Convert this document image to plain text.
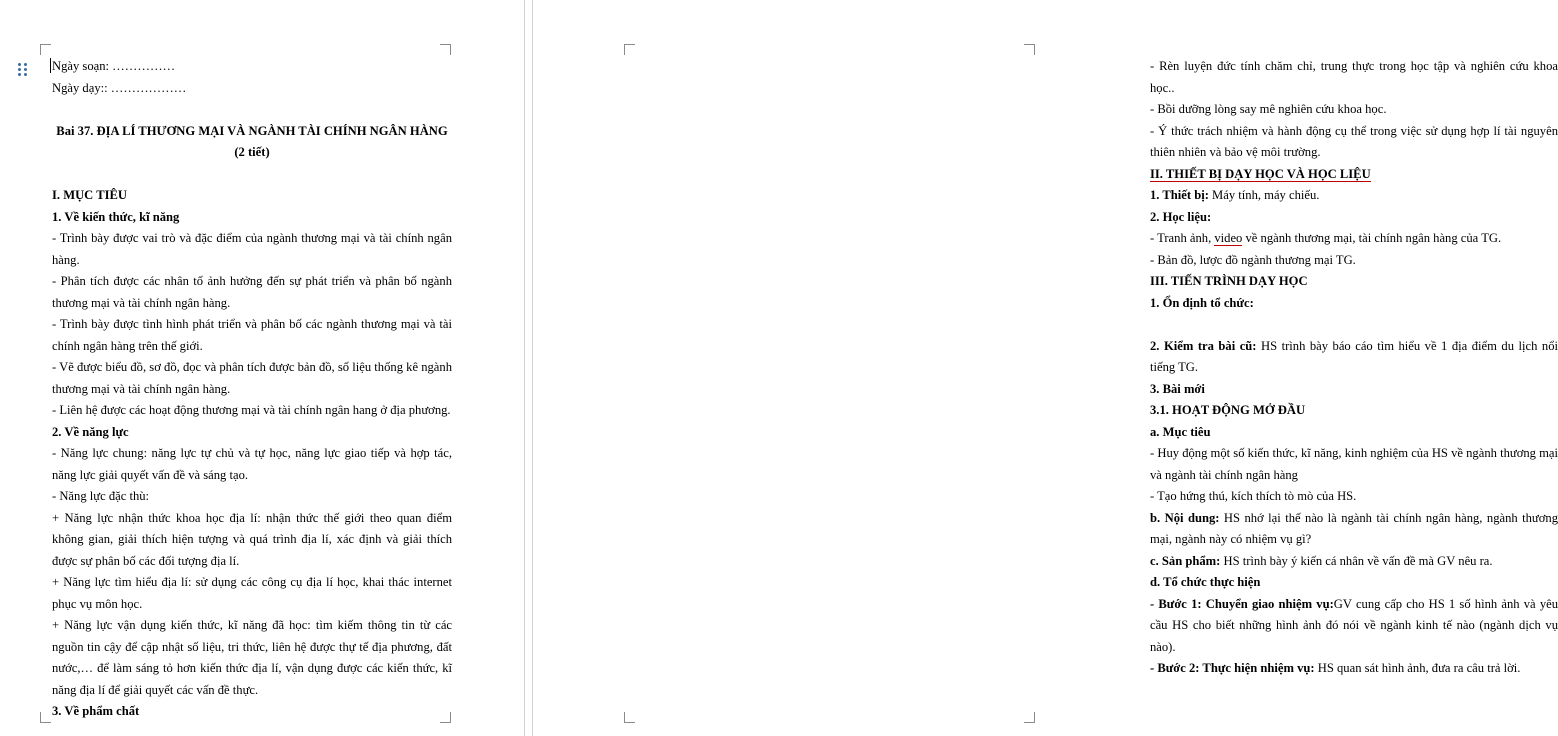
Ngày soạn: ……………

Ngày dạy:: ………………

Bai 37. ĐỊA LÍ THƯƠNG MẠI VÀ NGÀNH TÀI CHÍNH NGÂN HÀNG

(2 tiết)

I. MỤC TIÊU

1. Về kiến thức, kĩ năng

- Trình bày được vai trò và đặc điểm của ngành thương mại và tài chính ngân hàng.

- Phân tích được các nhân tố ảnh hưởng đến sự phát triển và phân bố ngành thương mại và tài chính ngân hàng.

- Trình bày được tình hình phát triển và phân bố các ngành thương mại và tài chính ngân hàng trên thế giới.

- Vẽ được biểu đồ, sơ đồ, đọc và phân tích được bản đồ, số liệu thống kê ngành thương mại và tài chính ngân hàng.

- Liên hệ được các hoạt động thương mại và tài chính ngân hang ở địa phương.

2. Về năng lực

- Năng lực chung: năng lực tự chủ và tự học, năng lực giao tiếp và hợp tác, năng lực giải quyết vấn đề và sáng tạo.

- Năng lực đặc thù:

+ Năng lực nhận thức khoa học địa lí: nhận thức thế giới theo quan điểm không gian, giải thích hiện tượng và quá trình địa lí, xác định và giải thích được sự phân bố các đối tượng địa lí.

+ Năng lực tìm hiểu địa lí: sử dụng các công cụ địa lí học, khai thác internet phục vụ môn học.

+ Năng lực vận dụng kiến thức, kĩ năng đã học: tìm kiếm thông tin từ các nguồn tin cậy để cập nhật số liệu, tri thức, liên hệ được thự tế địa phương, đất nước,… để làm sáng tỏ hơn kiến thức địa lí, vận dụng được các kiến thức, kĩ năng địa lí để giải quyết các vấn đề thực.

3. Về phẩm chất

- Rèn luyện đức tính chăm chỉ, trung thực trong học tập và nghiên cứu khoa học..

- Bồi dưỡng lòng say mê nghiên cứu khoa học.

- Ý thức trách nhiệm và hành động cụ thể trong việc sử dụng hợp lí tài nguyên thiên nhiên và bảo vệ môi trường.

II. THIẾT BỊ DẠY HỌC VÀ HỌC LIỆU

1. Thiết bị: Máy tính, máy chiếu.

2. Học liệu:

- Tranh ảnh, video về ngành thương mại, tài chính ngân hàng của TG.

- Bản đồ, lược đồ ngành thương mại TG.

III. TIẾN TRÌNH DẠY HỌC

1. Ổn định tổ chức:

2. Kiểm tra bài cũ: HS trình bày báo cáo tìm hiểu về 1 địa điểm du lịch nổi tiếng TG.

3. Bài mới

3.1. HOẠT ĐỘNG MỞ ĐẦU

a. Mục tiêu

- Huy động một số kiến thức, kĩ năng, kinh nghiệm của HS về ngành thương mại và ngành tài chính ngân hàng

- Tạo hứng thú, kích thích tò mò của HS.

b. Nội dung: HS nhớ lại thế nào là ngành tài chính ngân hàng, ngành thương mại, ngành này có nhiệm vụ gì?

c. Sản phẩm: HS trình bày ý kiến cá nhân về vấn đề mà GV nêu ra.

d. Tổ chức thực hiện

- Bước 1: Chuyển giao nhiệm vụ:GV cung cấp cho HS 1 số hình ảnh và yêu cầu HS cho biết những hình ảnh đó nói về ngành kinh tế nào (ngành dịch vụ nào).

- Bước 2: Thực hiện nhiệm vụ: HS quan sát hình ảnh, đưa ra câu trả lời.
